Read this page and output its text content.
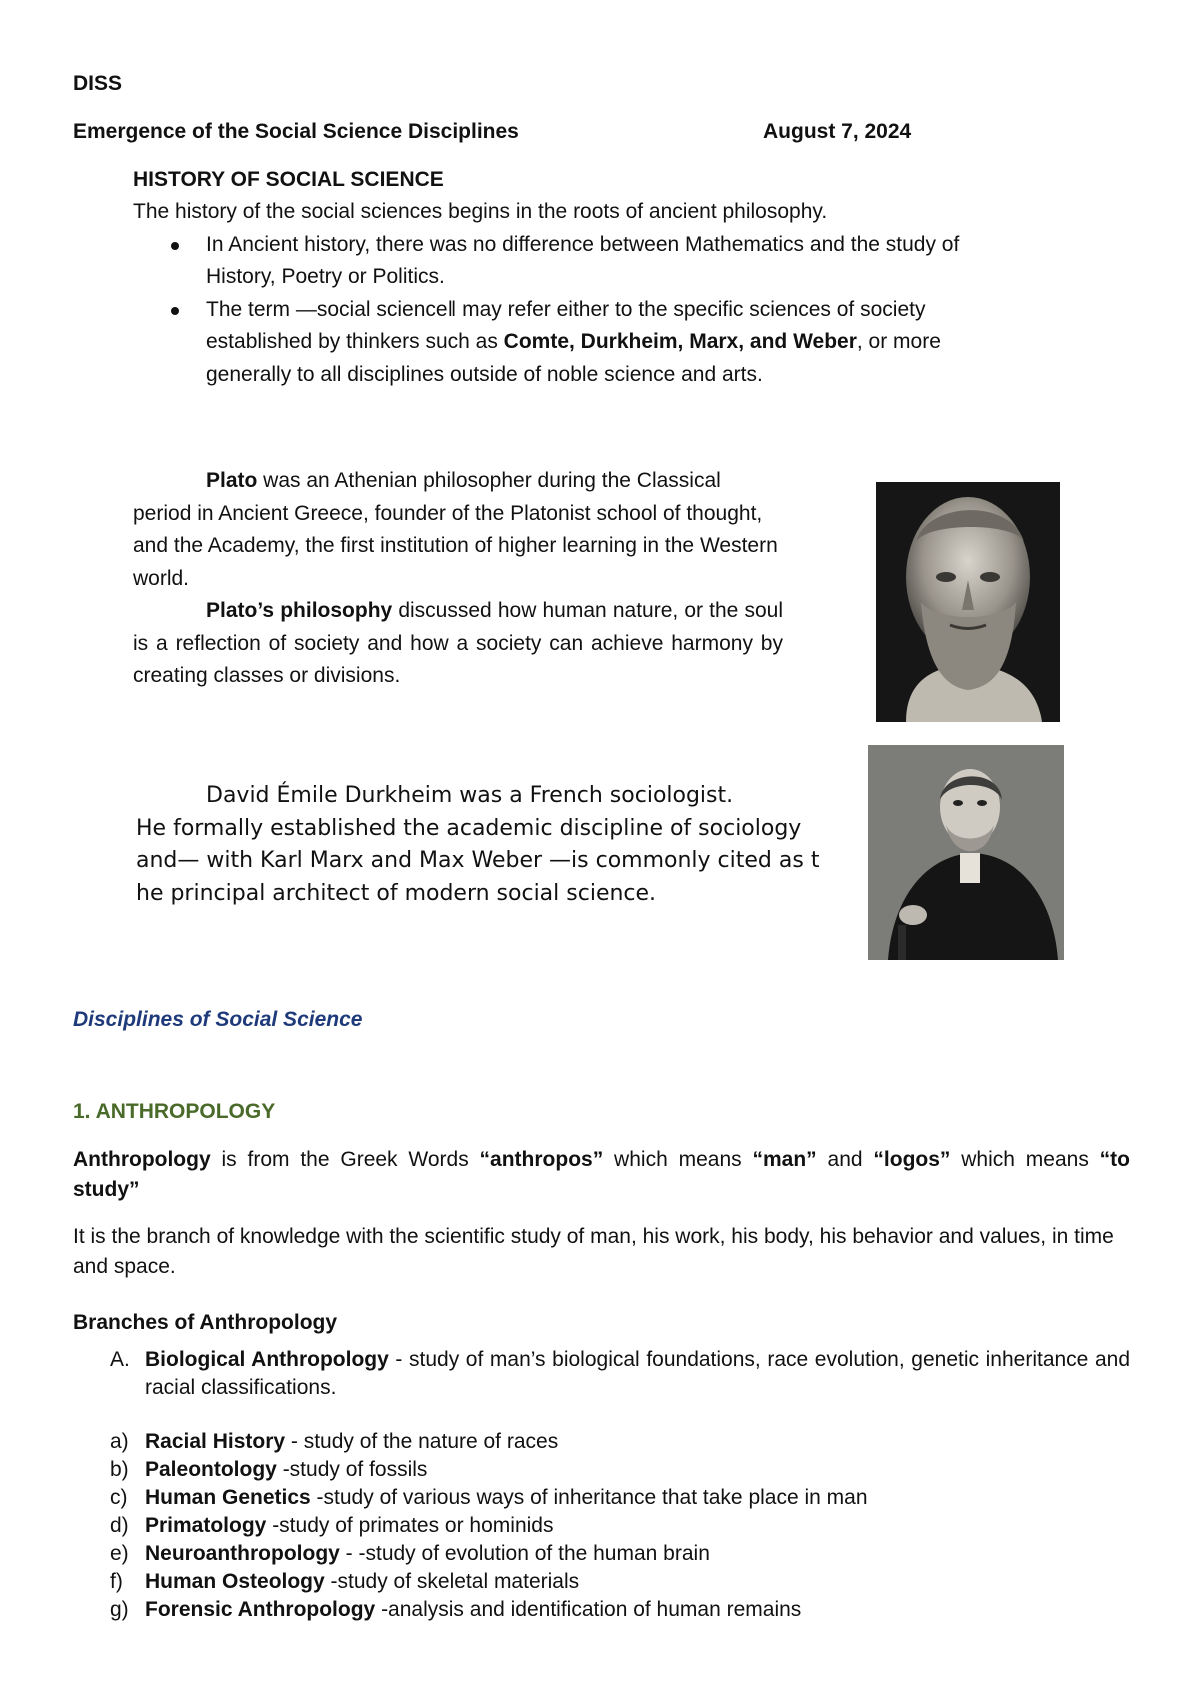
DISS
Emergence of the Social Science Disciplines	August 7, 2024
HISTORY OF SOCIAL SCIENCE
The history of the social sciences begins in the roots of ancient philosophy.
In Ancient history, there was no difference between Mathematics and the study of History, Poetry or Politics.
The term —social science‖ may refer either to the specific sciences of society established by thinkers such as Comte, Durkheim, Marx, and Weber, or more generally to all disciplines outside of noble science and arts.

Plato was an Athenian philosopher during the Classical period in Ancient Greece, founder of the Platonist school of thought, and the Academy, the first institution of higher learning in the Western world.

Plato’s philosophy discussed how human nature, or the soul is a reflection of society and how a society can achieve harmony by creating classes or divisions.

David Émile Durkheim was a French sociologist.

He formally established the academic discipline of sociology

and— with Karl Marx and Max Weber —is commonly cited as t

he principal architect of modern social science.

Disciplines of Social Science
1. ANTHROPOLOGY
Anthropology is from the Greek Words “anthropos” which means “man” and “logos” which means “to study”
It is the branch of knowledge with the scientific study of man, his work, his body, his behavior and values, in time and space.
Branches of Anthropology
A. Biological Anthropology - study of man’s biological foundations, race evolution, genetic inheritance and racial classifications.
a) Racial History - study of the nature of races
b) Paleontology -study of fossils
c) Human Genetics -study of various ways of inheritance that take place in man
d) Primatology -study of primates or hominids
e) Neuroanthropology - -study of evolution of the human brain
f) Human Osteology -study of skeletal materials
g) Forensic Anthropology -analysis and identification of human remains
